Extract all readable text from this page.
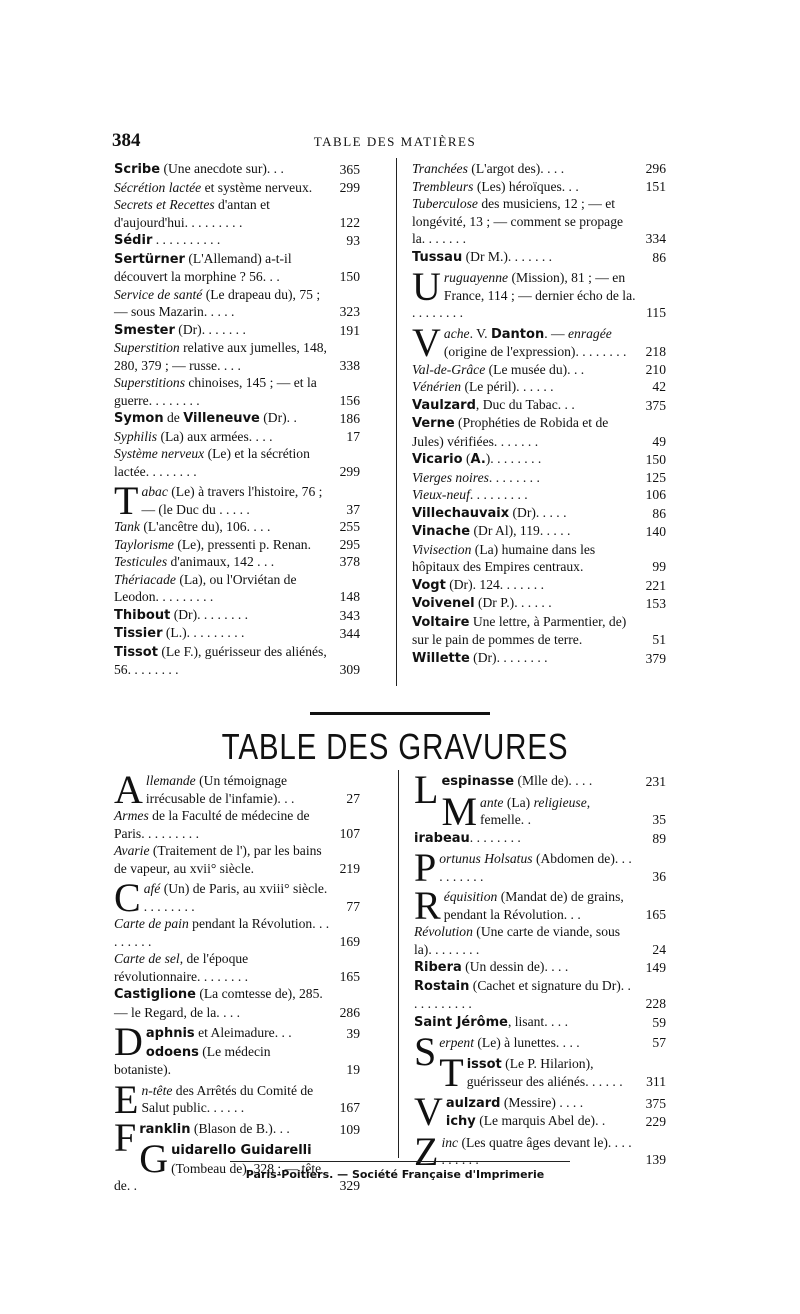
384	TABLE DES MATIÈRES
Scribe (Une anecdote sur). . .	365
Sécrétion lactée et système nerveux.	299
Secrets et Recettes d'antan et d'aujourd'hui. . . . . . . . .	122
Sédir . . . . . . . . . .	93
Sertürner (L'Allemand) a-t-il découvert la morphine ? 56. . .	150
Service de santé (Le drapeau du), 75 ; — sous Mazarin. . . . .	323
Smester (Dr). . . . . . .	191
Superstition relative aux jumelles, 148, 280, 379 ; — russe. . . .	338
Superstitions chinoises, 145 ; — et la guerre. . . . . . . .	156
Symon de Villeneuve (Dr). .	186
Syphilis (La) aux armées. . . .	17
Système nerveux (Le) et la sécrétion lactée. . . . . . . .	299
Tabac (Le) à travers l'histoire, 76 ; — (le Duc du . . . . .	37
Tank (L'ancêtre du), 106. . . .	255
Taylorisme (Le), pressenti p. Renan.	295
Testicules d'animaux, 142 . . .	378
Thériacade (La), ou l'Orviétan de Leodon. . . . . . . . .	148
Thibout (Dr). . . . . . . .	343
Tissier (L.). . . . . . . . .	344
Tissot (Le F.), guérisseur des aliénés, 56. . . . . . . .	309
Tranchées (L'argot des). . . .	296
Trembleurs (Les) héroïques. . .	151
Tuberculose des musiciens, 12 ; — et longévité, 13 ; — comment se propage la. . . . . . .	334
Tussau (Dr M.). . . . . . .	86
Uruguayenne (Mission), 81 ; — en France, 114 ; — dernier écho de la. . . . . . . . .	115
Vache. V. Danton. — enragée (origine de l'expression). . . . . . . .	218
Val-de-Grâce (Le musée du). . .	210
Vénérien (Le péril). . . . . .	42
Vaulzard, Duc du Tabac. . .	375
Verne (Prophéties de Robida et de Jules) vérifiées. . . . . . .	49
Vicario (A.). . . . . . . .	150
Vierges noires. . . . . . . .	125
Vieux-neuf. . . . . . . . .	106
Villechauvaix (Dr). . . . .	86
Vinache (Dr Al), 119. . . . .	140
Vivisection (La) humaine dans les hôpitaux des Empires centraux.	99
Vogt (Dr). 124. . . . . . .	221
Voivenel (Dr P.). . . . . .	153
Voltaire Une lettre, à Parmentier, de) sur le pain de pommes de terre.	51
Willette (Dr). . . . . . . .	379
TABLE DES GRAVURES
Allemande (Un témoignage irrécusable de l'infamie). . .	27
Armes de la Faculté de médecine de Paris. . . . . . . . .	107
Avarie (Traitement de l'), par les bains de vapeur, au xvii° siècle.	219
Café (Un) de Paris, au xviii° siècle. . . . . . . . .	77
Carte de pain pendant la Révolution. . . . . . . . .	169
Carte de sel, de l'époque révolutionnaire. . . . . . . .	165
Castiglione (La comtesse de), 285. — le Regard, de la. . . .	286
Daphnis et Aleimadure. . .	39
odoens (Le médecin botaniste).	19
En-tête des Arrêtés du Comité de Salut public. . . . . .	167
Franklin (Blason de B.). . .	109
Guidarello Guidarelli (Tombeau de). 328 ; — tête de. .	329
Lespinasse (Mlle de). . . .	231
Mante (La) religieuse, femelle. .	35
irabeau. . . . . . . .	89
Portunus Holsatus (Abdomen de). . . . . . . . . .	36
Réquisition (Mandat de) de grains, pendant la Révolution. . .	165
Révolution (Une carte de viande, sous la). . . . . . . .	24
Ribera (Un dessin de). . . .	149
Rostain (Cachet et signature du Dr). . . . . . . . . . .	228
Saint Jérôme, lisant. . . .	59
Serpent (Le) à lunettes. . . .	57
Tissot (Le P. Hilarion), guérisseur des aliénés. . . . . .	311
Vaulzard (Messire) . . . .	375
ichy (Le marquis Abel de). .	229
Zinc (Les quatre âges devant le). . . . . . . . . .	139
Paris-Poitiers. — Société Française d'Imprimerie
